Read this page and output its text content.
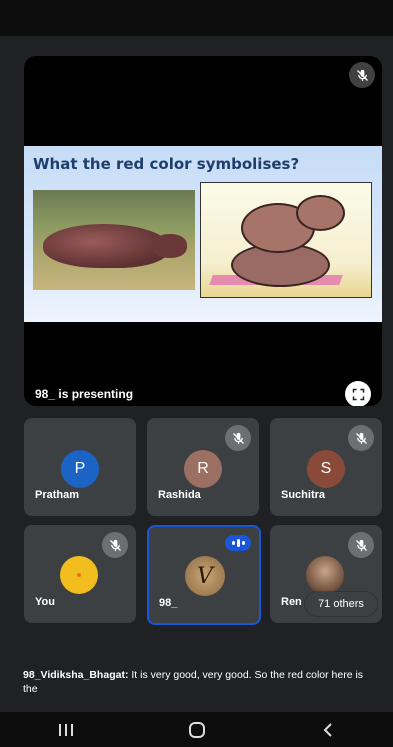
What the red color symbolises?
98_ is presenting
P
Pratham
R
Rashida
S
Suchitra
You
V
98_	Ren	71 others
98_Vidiksha_Bhagat: It is very good, very good. So the red color here is the
